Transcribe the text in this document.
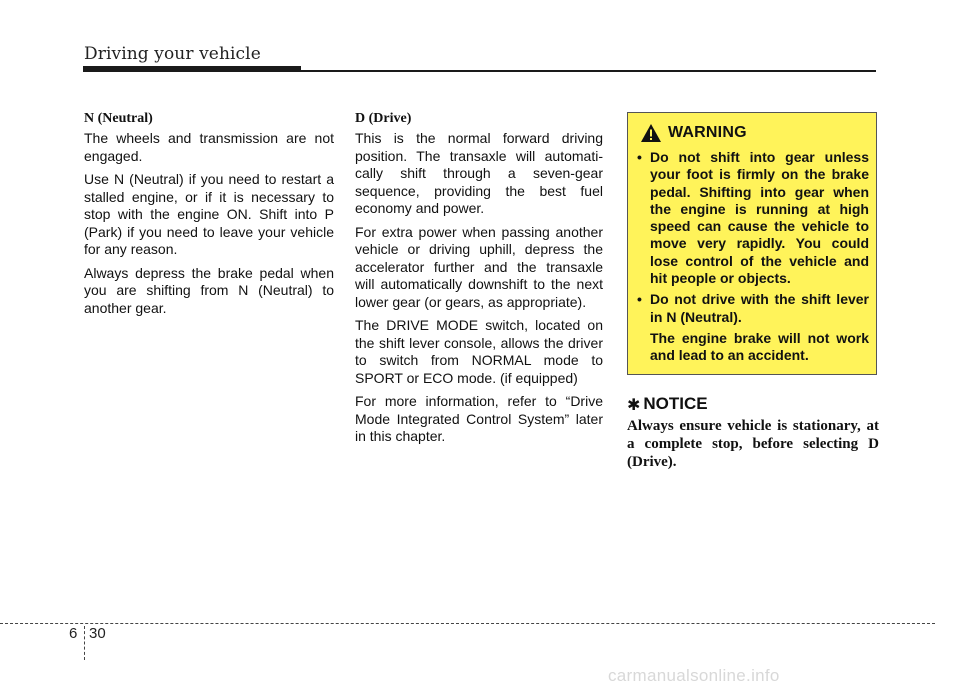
Driving your vehicle
N (Neutral)

The wheels and transmission are not engaged.

Use N (Neutral) if you need to restart a stalled engine, or if it is necessary to stop with the engine ON. Shift into P (Park) if you need to leave your vehicle for any reason.

Always depress the brake pedal when you are shifting from N (Neutral) to another gear.

D (Drive)

This is the normal forward driving position. The transaxle will automatically shift through a seven-gear sequence, providing the best fuel economy and power.

For extra power when passing another vehicle or driving uphill, depress the accelerator further and the transaxle will automatically downshift to the next lower gear (or gears, as appropriate).

The DRIVE MODE switch, located on the shift lever console, allows the driver to switch from NORMAL mode to SPORT or ECO mode. (if equipped)

For more information, refer to “Drive Mode Integrated Control System” later in this chapter.

WARNING
• Do not shift into gear unless your foot is firmly on the brake pedal. Shifting into gear when the engine is running at high speed can cause the vehicle to move very rapidly. You could lose control of the vehicle and hit people or objects.
• Do not drive with the shift lever in N (Neutral).
The engine brake will not work and lead to an accident.
✱ NOTICE
Always ensure vehicle is stationary, at a complete stop, before selecting D (Drive).
6 30
carmanualsonline.info
